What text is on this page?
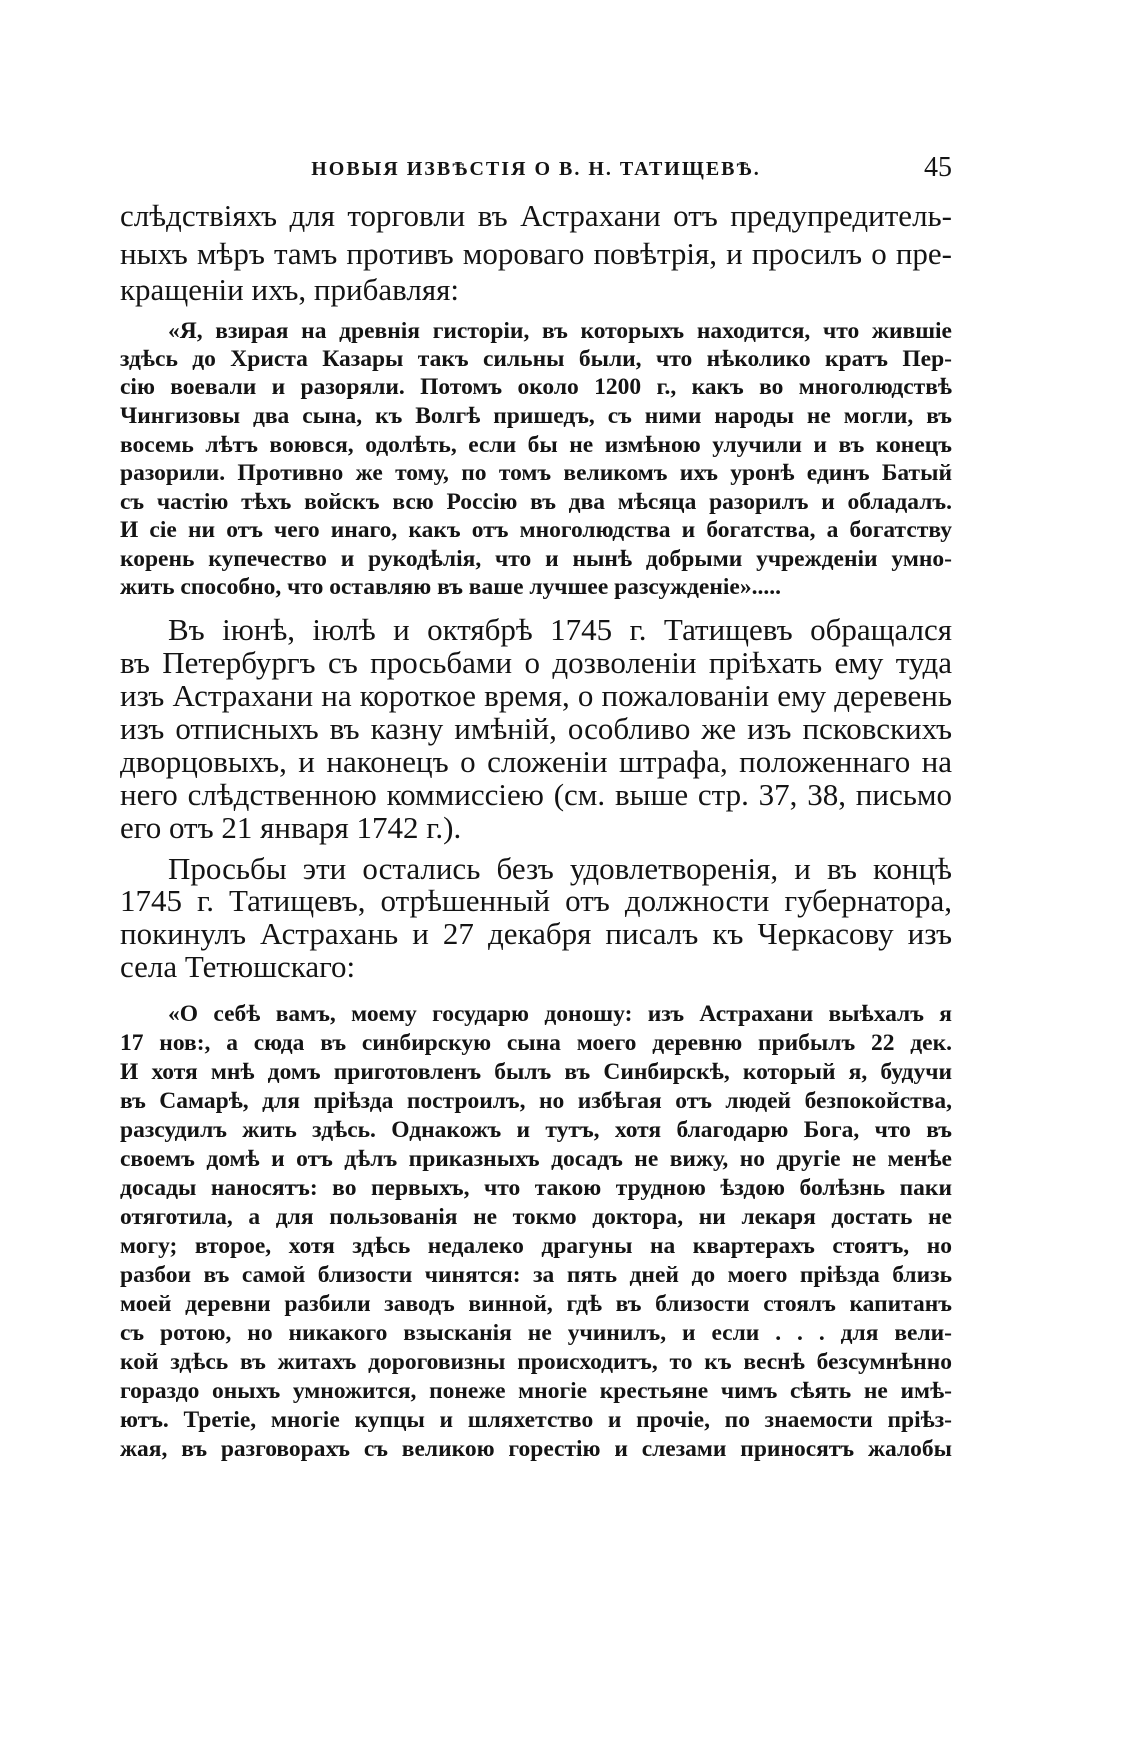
НОВЫЯ ИЗВѢСТІЯ О В. Н. ТАТИЩЕВѢ.	45

слѣдствіяхъ для торговли въ Астрахани отъ предупредитель-

ныхъ мѣръ тамъ противъ мороваго повѣтрія, и просилъ о пре-

кращеніи ихъ, прибавляя:

«Я, взирая на древнія гисторіи, въ которыхъ находится, что жившіе

здѣсь до Христа Казары такъ сильны были, что нѣколико кратъ Пер-

сію воевали и разоряли. Потомъ около 1200 г., какъ во многолюдствѣ

Чингизовы два сына, къ Волгѣ пришедъ, съ ними народы не могли, въ

восемь лѣтъ воювся, одолѣть, если бы не измѣною улучили и въ конецъ

разорили. Противно же тому, по томъ великомъ ихъ уронѣ единъ Батый

съ частію тѣхъ войскъ всю Россію въ два мѣсяца разорилъ и обладалъ.

И сіе ни отъ чего инаго, какъ отъ многолюдства и богатства, а богатству

корень купечество и рукодѣлія, что и нынѣ добрыми учрежденіи умно-

жить способно, что оставляю въ ваше лучшее разсужденіе».....

Въ іюнѣ, іюлѣ и октябрѣ 1745 г. Татищевъ обращался

въ Петербургъ съ просьбами о дозволеніи пріѣхать ему туда

изъ Астрахани на короткое время, о пожалованіи ему деревень

изъ отписныхъ въ казну имѣній, особливо же изъ псковскихъ

дворцовыхъ, и наконецъ о сложеніи штрафа, положеннаго на

него слѣдственною коммиссіею (см. выше стр. 37, 38, письмо

его отъ 21 января 1742 г.).

Просьбы эти остались безъ удовлетворенія, и въ концѣ

1745 г. Татищевъ, отрѣшенный отъ должности губернатора,

покинулъ Астрахань и 27 декабря писалъ къ Черкасову изъ

села Тетюшскаго:

«О себѣ вамъ, моему государю доношу: изъ Астрахани выѣхалъ я

17 нов:, а сюда въ синбирскую сына моего деревню прибылъ 22 дек.

И хотя мнѣ домъ приготовленъ былъ въ Синбирскѣ, который я, будучи

въ Самарѣ, для пріѣзда построилъ, но избѣгая отъ людей безпокойства,

разсудилъ жить здѣсь. Однакожъ и тутъ, хотя благодарю Бога, что въ

своемъ домѣ и отъ дѣлъ приказныхъ досадъ не вижу, но другіе не менѣе

досады наносятъ: во первыхъ, что такою трудною ѣздою болѣзнь паки

отяготила, а для пользованія не токмо доктора, ни лекаря достать не

могу; второе, хотя здѣсь недалеко драгуны на квартерахъ стоятъ, но

разбои въ самой близости чинятся: за пять дней до моего пріѣзда близь

моей деревни разбили заводъ винной, гдѣ въ близости стоялъ капитанъ

съ ротою, но никакого взысканія не учинилъ, и если . . . для вели-

кой здѣсь въ житахъ дороговизны происходитъ, то къ веснѣ безсумнѣнно

гораздо оныхъ умножится, понеже многіе крестьяне чимъ сѣять не имѣ-

ютъ. Третіе, многіе купцы и шляхетство и прочіе, по знаемости пріѣз-

жая, въ разговорахъ съ великою горестію и слезами приносятъ жалобы
